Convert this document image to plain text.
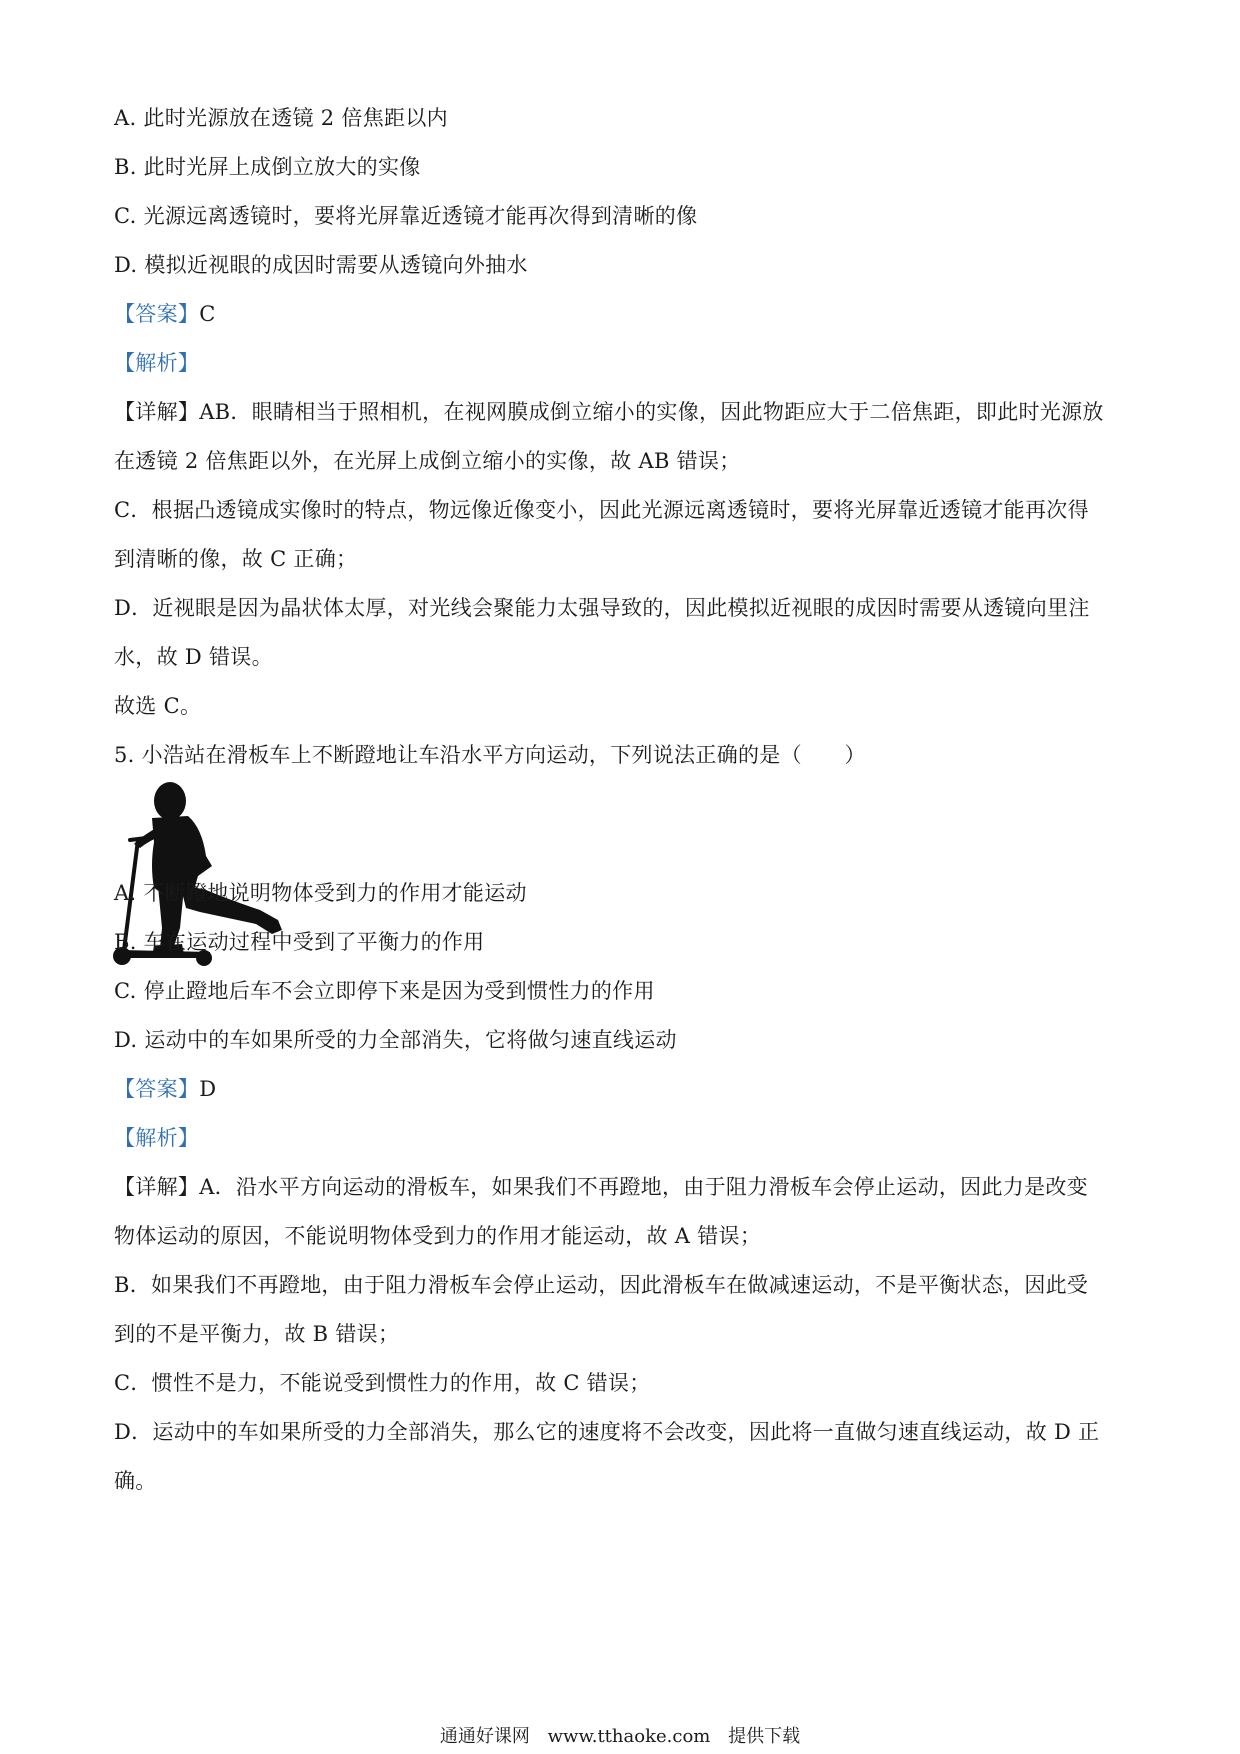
A. 此时光源放在透镜 2 倍焦距以内
B. 此时光屏上成倒立放大的实像
C. 光源远离透镜时，要将光屏靠近透镜才能再次得到清晰的像
D. 模拟近视眼的成因时需要从透镜向外抽水
【答案】C
【解析】
【详解】AB．眼睛相当于照相机，在视网膜成倒立缩小的实像，因此物距应大于二倍焦距，即此时光源放
在透镜 2 倍焦距以外，在光屏上成倒立缩小的实像，故 AB 错误；
C．根据凸透镜成实像时的特点，物远像近像变小，因此光源远离透镜时，要将光屏靠近透镜才能再次得
到清晰的像，故 C 正确；
D．近视眼是因为晶状体太厚，对光线会聚能力太强导致的，因此模拟近视眼的成因时需要从透镜向里注
水，故 D 错误。
故选 C。
5. 小浩站在滑板车上不断蹬地让车沿水平方向运动，下列说法正确的是（　　）
A. 不断蹬地说明物体受到力的作用才能运动
B. 车在运动过程中受到了平衡力的作用
C. 停止蹬地后车不会立即停下来是因为受到惯性力的作用
D. 运动中的车如果所受的力全部消失，它将做匀速直线运动
【答案】D
【解析】
【详解】A．沿水平方向运动的滑板车，如果我们不再蹬地，由于阻力滑板车会停止运动，因此力是改变
物体运动的原因，不能说明物体受到力的作用才能运动，故 A 错误；
B．如果我们不再蹬地，由于阻力滑板车会停止运动，因此滑板车在做减速运动，不是平衡状态，因此受
到的不是平衡力，故 B 错误；
C．惯性不是力，不能说受到惯性力的作用，故 C 错误；
D．运动中的车如果所受的力全部消失，那么它的速度将不会改变，因此将一直做匀速直线运动，故 D 正
确。
通通好课网 www.tthaoke.com 提供下载
